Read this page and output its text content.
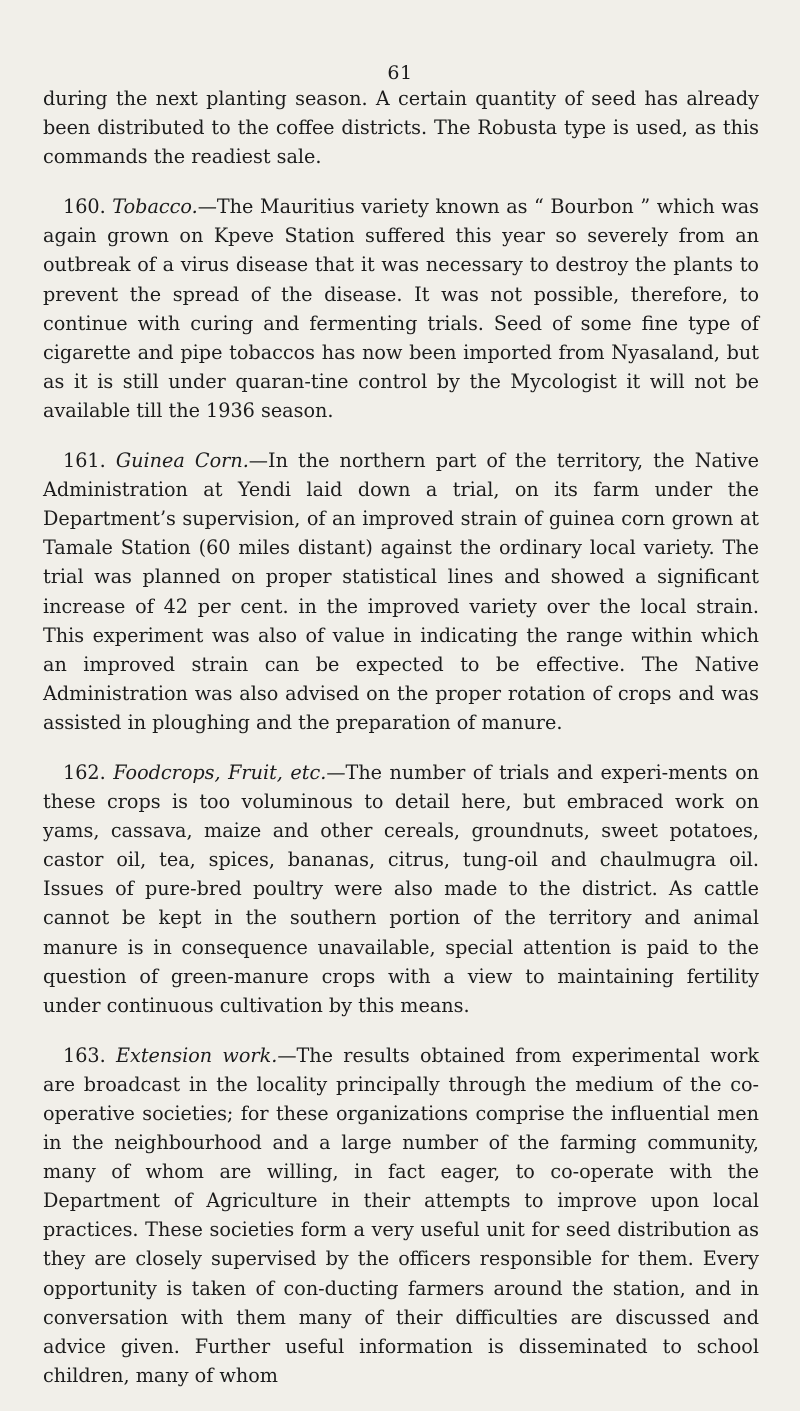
61

during the next planting season. A certain quantity of seed has already been distributed to the coffee districts. The Robusta type is used, as this commands the readiest sale.

160. Tobacco.—The Mauritius variety known as “ Bourbon ” which was again grown on Kpeve Station suffered this year so severely from an outbreak of a virus disease that it was necessary to destroy the plants to prevent the spread of the disease. It was not possible, therefore, to continue with curing and fermenting trials. Seed of some fine type of cigarette and pipe tobaccos has now been imported from Nyasaland, but as it is still under quaran-tine control by the Mycologist it will not be available till the 1936 season.

161. Guinea Corn.—In the northern part of the territory, the Native Administration at Yendi laid down a trial, on its farm under the Department’s supervision, of an improved strain of guinea corn grown at Tamale Station (60 miles distant) against the ordinary local variety. The trial was planned on proper statistical lines and showed a significant increase of 42 per cent. in the improved variety over the local strain. This experiment was also of value in indicating the range within which an improved strain can be expected to be effective. The Native Administration was also advised on the proper rotation of crops and was assisted in ploughing and the preparation of manure.

162. Foodcrops, Fruit, etc.—The number of trials and experi-ments on these crops is too voluminous to detail here, but embraced work on yams, cassava, maize and other cereals, groundnuts, sweet potatoes, castor oil, tea, spices, bananas, citrus, tung-oil and chaulmugra oil. Issues of pure-bred poultry were also made to the district. As cattle cannot be kept in the southern portion of the territory and animal manure is in consequence unavailable, special attention is paid to the question of green-manure crops with a view to maintaining fertility under continuous cultivation by this means.

163. Extension work.—The results obtained from experimental work are broadcast in the locality principally through the medium of the co-operative societies; for these organizations comprise the influential men in the neighbourhood and a large number of the farming community, many of whom are willing, in fact eager, to co-operate with the Department of Agriculture in their attempts to improve upon local practices. These societies form a very useful unit for seed distribution as they are closely supervised by the officers responsible for them. Every opportunity is taken of con-ducting farmers around the station, and in conversation with them many of their difficulties are discussed and advice given. Further useful information is disseminated to school children, many of whom
